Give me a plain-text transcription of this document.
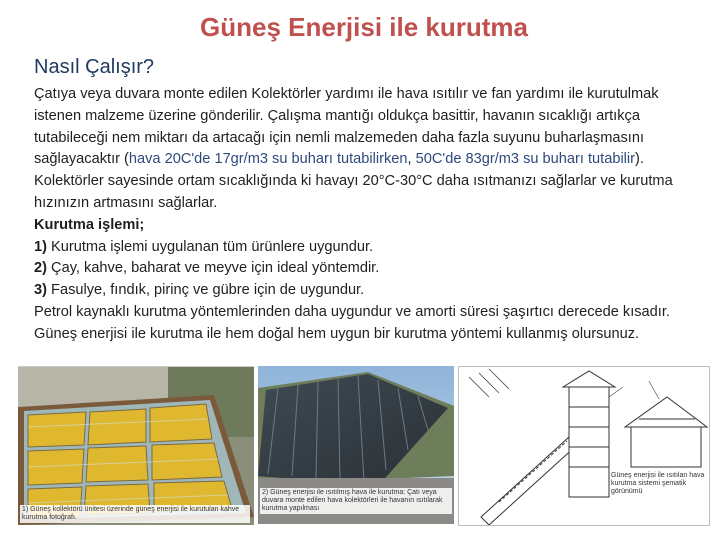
Güneş Enerjisi ile kurutma
Nasıl Çalışır?

Çatıya veya duvara monte edilen Kolektörler yardımı ile hava ısıtılır ve fan yardımı ile kurutulmak istenen malzeme üzerine gönderilir. Çalışma mantığı oldukça basittir, havanın sıcaklığı artıkça tutabileceği nem miktarı da artacağı için nemli malzemeden daha fazla suyunu buharlaşmasını sağlayacaktır (hava 20C'de 17gr/m3 su buharı tutabilirken, 50C'de 83gr/m3 su buharı tutabilir). Kolektörler sayesinde ortam sıcaklığında ki havayı 20°C-30°C daha ısıtmanızı sağlarlar ve kurutma hızınızın artmasını sağlarlar.

Kurutma işlemi;

1) Kurutma işlemi uygulanan tüm ürünlere uygundur.

2) Çay, kahve, baharat ve meyve için ideal yöntemdir.

3) Fasulye, fındık, pirinç ve gübre için de uygundur.

Petrol kaynaklı kurutma yöntemlerinden daha uygundur ve amorti süresi şaşırtıcı derecede kısadır. Güneş enerjisi ile kurutma ile hem doğal hem uygun bir kurutma yöntemi kullanmış olursunuz.

1) Güneş kollektörü ünitesi üzerinde güneş enerjisi ile kurutulan kahve kurutma fotoğrafı.
2) Güneş enerjisi ile ısıtılmış hava ile kurutma: Çatı veya duvara monte edilen hava kolektörleri ile havanın ısıtılarak kurutma yapılması
Güneş enerjisi ile ısıtılan hava kurutma sistemi şematik görünümü
